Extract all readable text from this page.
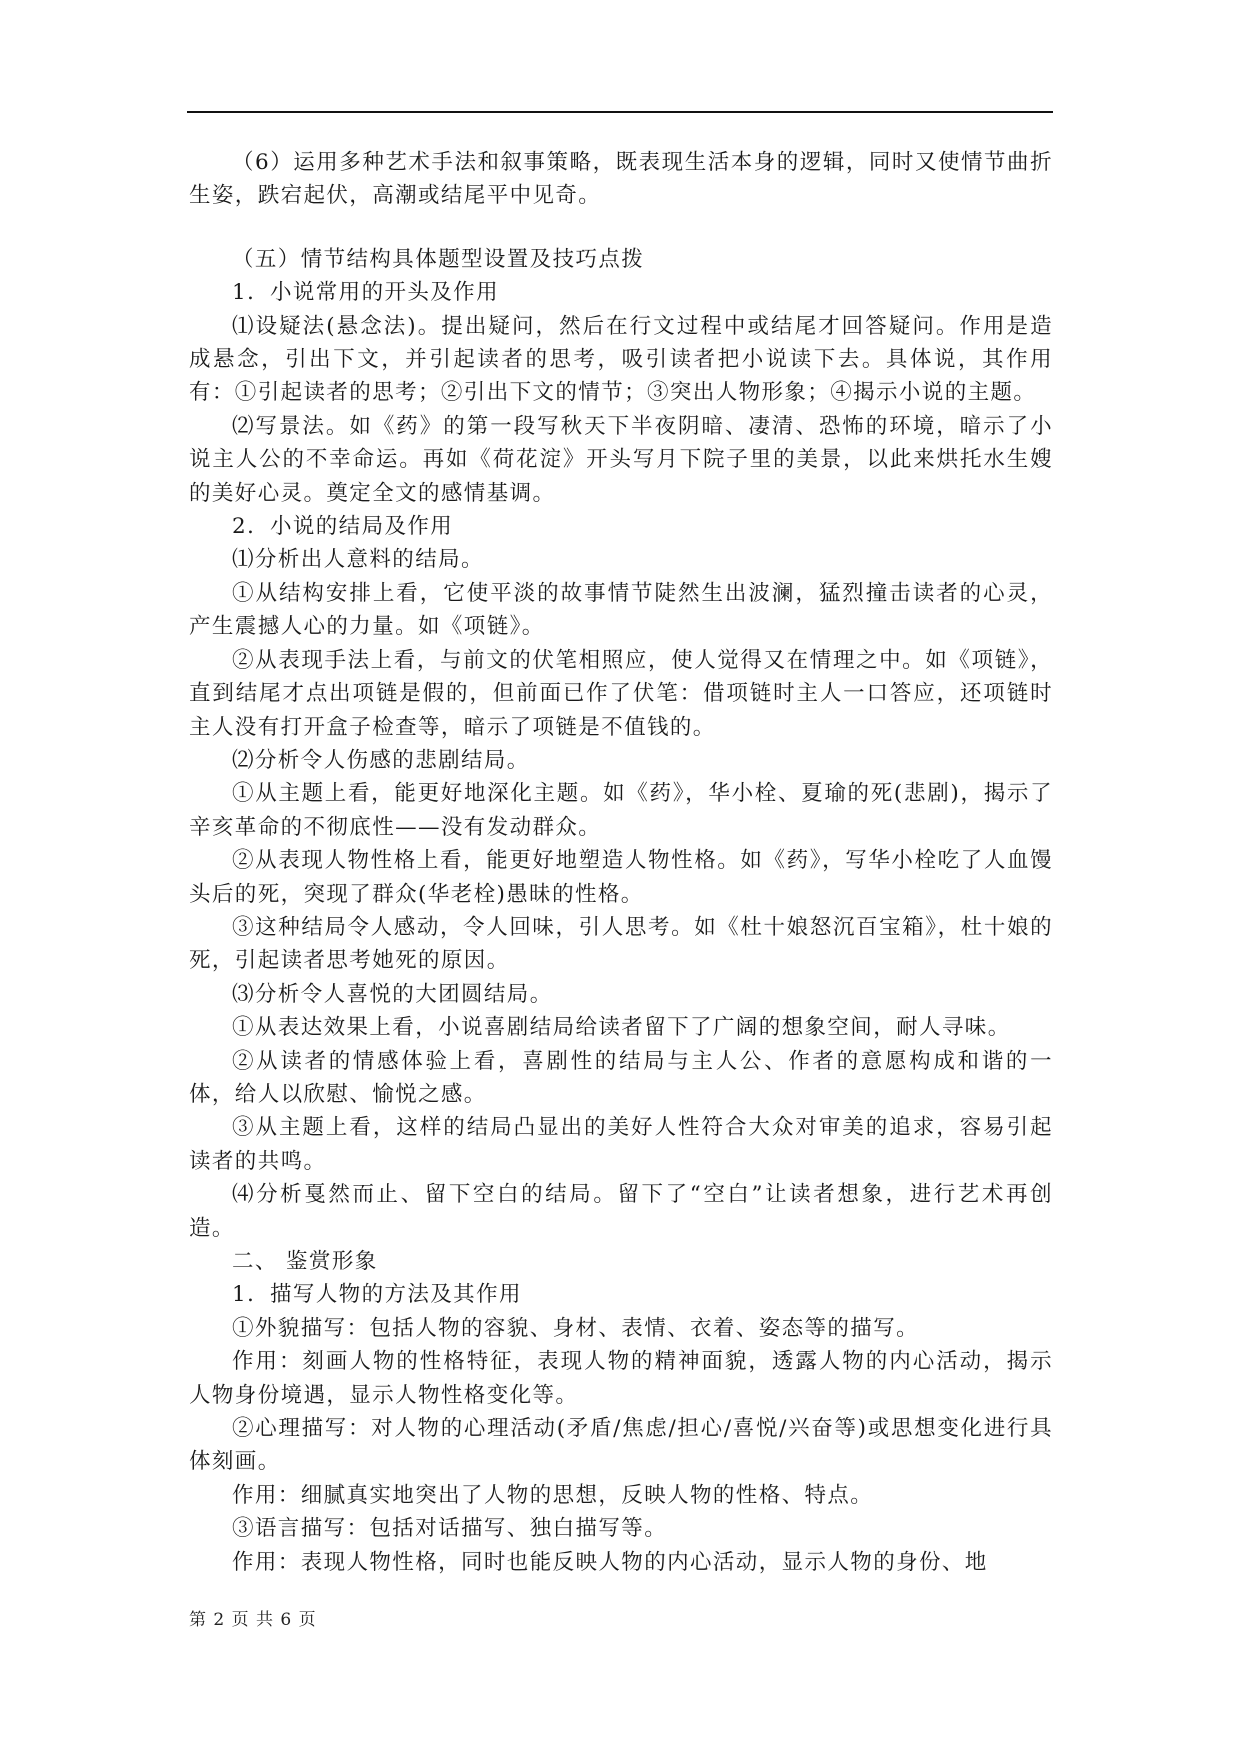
（6）运用多种艺术手法和叙事策略，既表现生活本身的逻辑，同时又使情节曲折生姿，跌宕起伏，高潮或结尾平中见奇。

（五）情节结构具体题型设置及技巧点拨

1．小说常用的开头及作用

⑴设疑法(悬念法)。提出疑问，然后在行文过程中或结尾才回答疑问。作用是造成悬念，引出下文，并引起读者的思考，吸引读者把小说读下去。具体说，其作用有：①引起读者的思考；②引出下文的情节；③突出人物形象；④揭示小说的主题。

⑵写景法。如《药》的第一段写秋天下半夜阴暗、凄清、恐怖的环境，暗示了小说主人公的不幸命运。再如《荷花淀》开头写月下院子里的美景，以此来烘托水生嫂的美好心灵。奠定全文的感情基调。

2．小说的结局及作用

⑴分析出人意料的结局。

①从结构安排上看，它使平淡的故事情节陡然生出波澜，猛烈撞击读者的心灵，产生震撼人心的力量。如《项链》。

②从表现手法上看，与前文的伏笔相照应，使人觉得又在情理之中。如《项链》，直到结尾才点出项链是假的，但前面已作了伏笔：借项链时主人一口答应，还项链时主人没有打开盒子检查等，暗示了项链是不值钱的。

⑵分析令人伤感的悲剧结局。

①从主题上看，能更好地深化主题。如《药》，华小栓、夏瑜的死(悲剧)，揭示了辛亥革命的不彻底性——没有发动群众。

②从表现人物性格上看，能更好地塑造人物性格。如《药》，写华小栓吃了人血馒头后的死，突现了群众(华老栓)愚昧的性格。

③这种结局令人感动，令人回味，引人思考。如《杜十娘怒沉百宝箱》，杜十娘的死，引起读者思考她死的原因。

⑶分析令人喜悦的大团圆结局。

①从表达效果上看，小说喜剧结局给读者留下了广阔的想象空间，耐人寻味。

②从读者的情感体验上看，喜剧性的结局与主人公、作者的意愿构成和谐的一体，给人以欣慰、愉悦之感。

③从主题上看，这样的结局凸显出的美好人性符合大众对审美的追求，容易引起读者的共鸣。

⑷分析戛然而止、留下空白的结局。留下了“空白”让读者想象，进行艺术再创造。

二、 鉴赏形象

1．描写人物的方法及其作用

①外貌描写：包括人物的容貌、身材、表情、衣着、姿态等的描写。

作用：刻画人物的性格特征，表现人物的精神面貌，透露人物的内心活动，揭示人物身份境遇，显示人物性格变化等。

②心理描写：对人物的心理活动(矛盾/焦虑/担心/喜悦/兴奋等)或思想变化进行具体刻画。

作用：细腻真实地突出了人物的思想，反映人物的性格、特点。

③语言描写：包括对话描写、独白描写等。

作用：表现人物性格，同时也能反映人物的内心活动，显示人物的身份、地

第 2 页 共 6 页
